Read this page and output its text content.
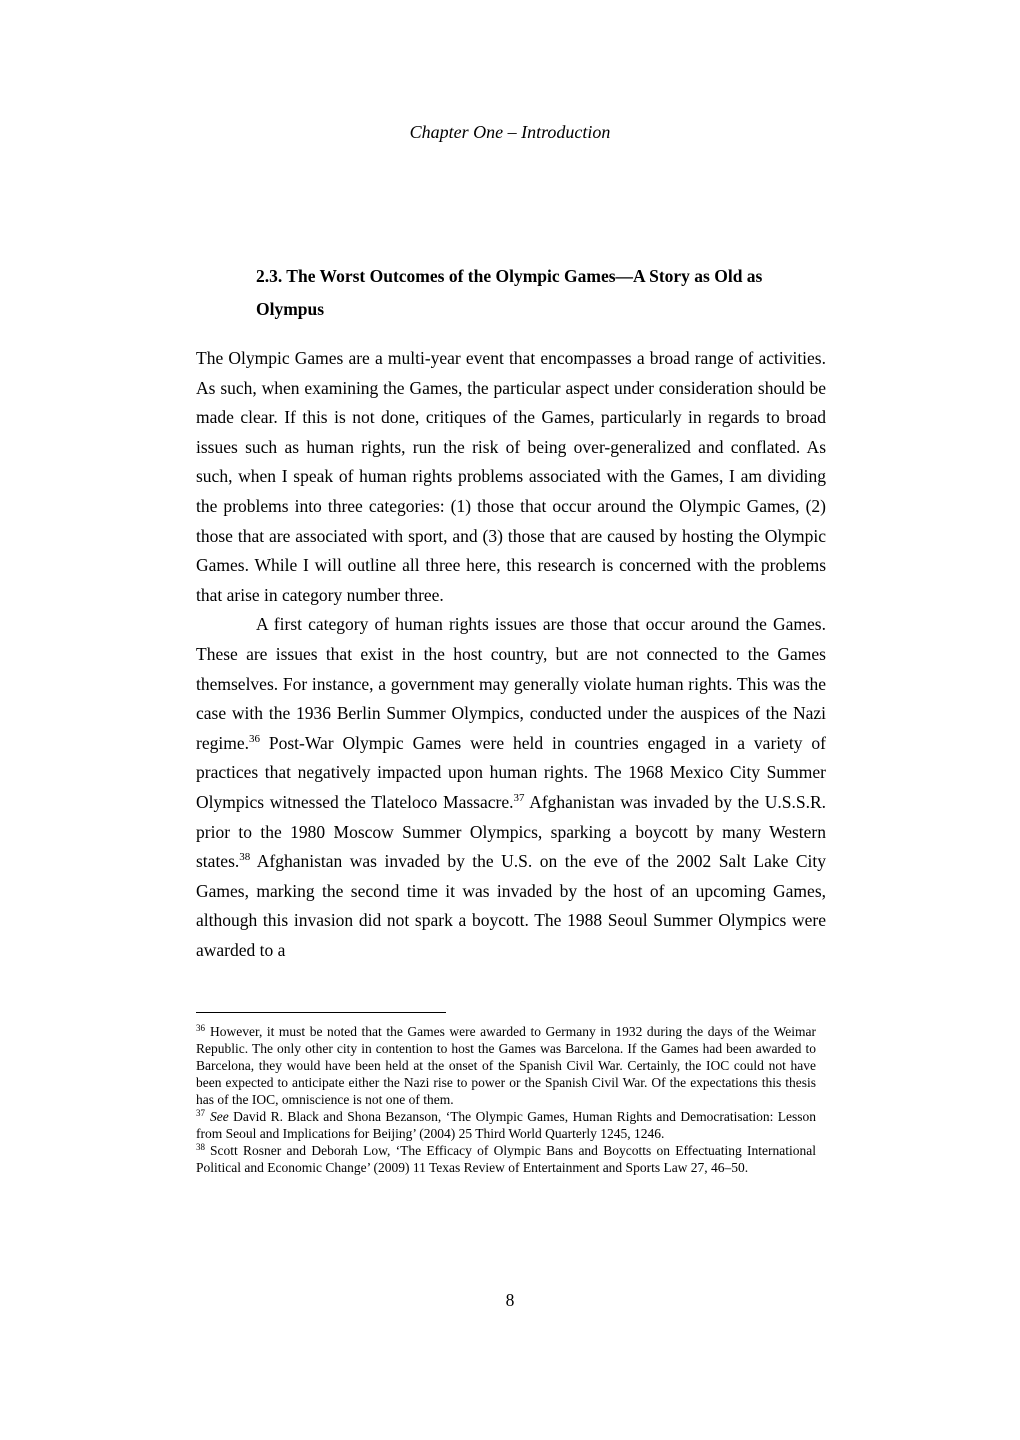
Chapter One – Introduction
2.3. The Worst Outcomes of the Olympic Games—A Story as Old as Olympus

The Olympic Games are a multi-year event that encompasses a broad range of activities. As such, when examining the Games, the particular aspect under consideration should be made clear. If this is not done, critiques of the Games, particularly in regards to broad issues such as human rights, run the risk of being over-generalized and conflated. As such, when I speak of human rights problems associated with the Games, I am dividing the problems into three categories: (1) those that occur around the Olympic Games, (2) those that are associated with sport, and (3) those that are caused by hosting the Olympic Games. While I will outline all three here, this research is concerned with the problems that arise in category number three.

A first category of human rights issues are those that occur around the Games. These are issues that exist in the host country, but are not connected to the Games themselves. For instance, a government may generally violate human rights. This was the case with the 1936 Berlin Summer Olympics, conducted under the auspices of the Nazi regime.$^{36}$ Post-War Olympic Games were held in countries engaged in a variety of practices that negatively impacted upon human rights. The 1968 Mexico City Summer Olympics witnessed the Tlateloco Massacre.$^{37}$ Afghanistan was invaded by the U.S.S.R. prior to the 1980 Moscow Summer Olympics, sparking a boycott by many Western states.$^{38}$ Afghanistan was invaded by the U.S. on the eve of the 2002 Salt Lake City Games, marking the second time it was invaded by the host of an upcoming Games, although this invasion did not spark a boycott. The 1988 Seoul Summer Olympics were awarded to a

$^{36}$ However, it must be noted that the Games were awarded to Germany in 1932 during the days of the Weimar Republic. The only other city in contention to host the Games was Barcelona. If the Games had been awarded to Barcelona, they would have been held at the onset of the Spanish Civil War. Certainly, the IOC could not have been expected to anticipate either the Nazi rise to power or the Spanish Civil War. Of the expectations this thesis has of the IOC, omniscience is not one of them.

$^{37}$ See David R. Black and Shona Bezanson, ‘The Olympic Games, Human Rights and Democratisation: Lesson from Seoul and Implications for Beijing’ (2004) 25 Third World Quarterly 1245, 1246.

$^{38}$ Scott Rosner and Deborah Low, ‘The Efficacy of Olympic Bans and Boycotts on Effectuating International Political and Economic Change’ (2009) 11 Texas Review of Entertainment and Sports Law 27, 46–50.

8
